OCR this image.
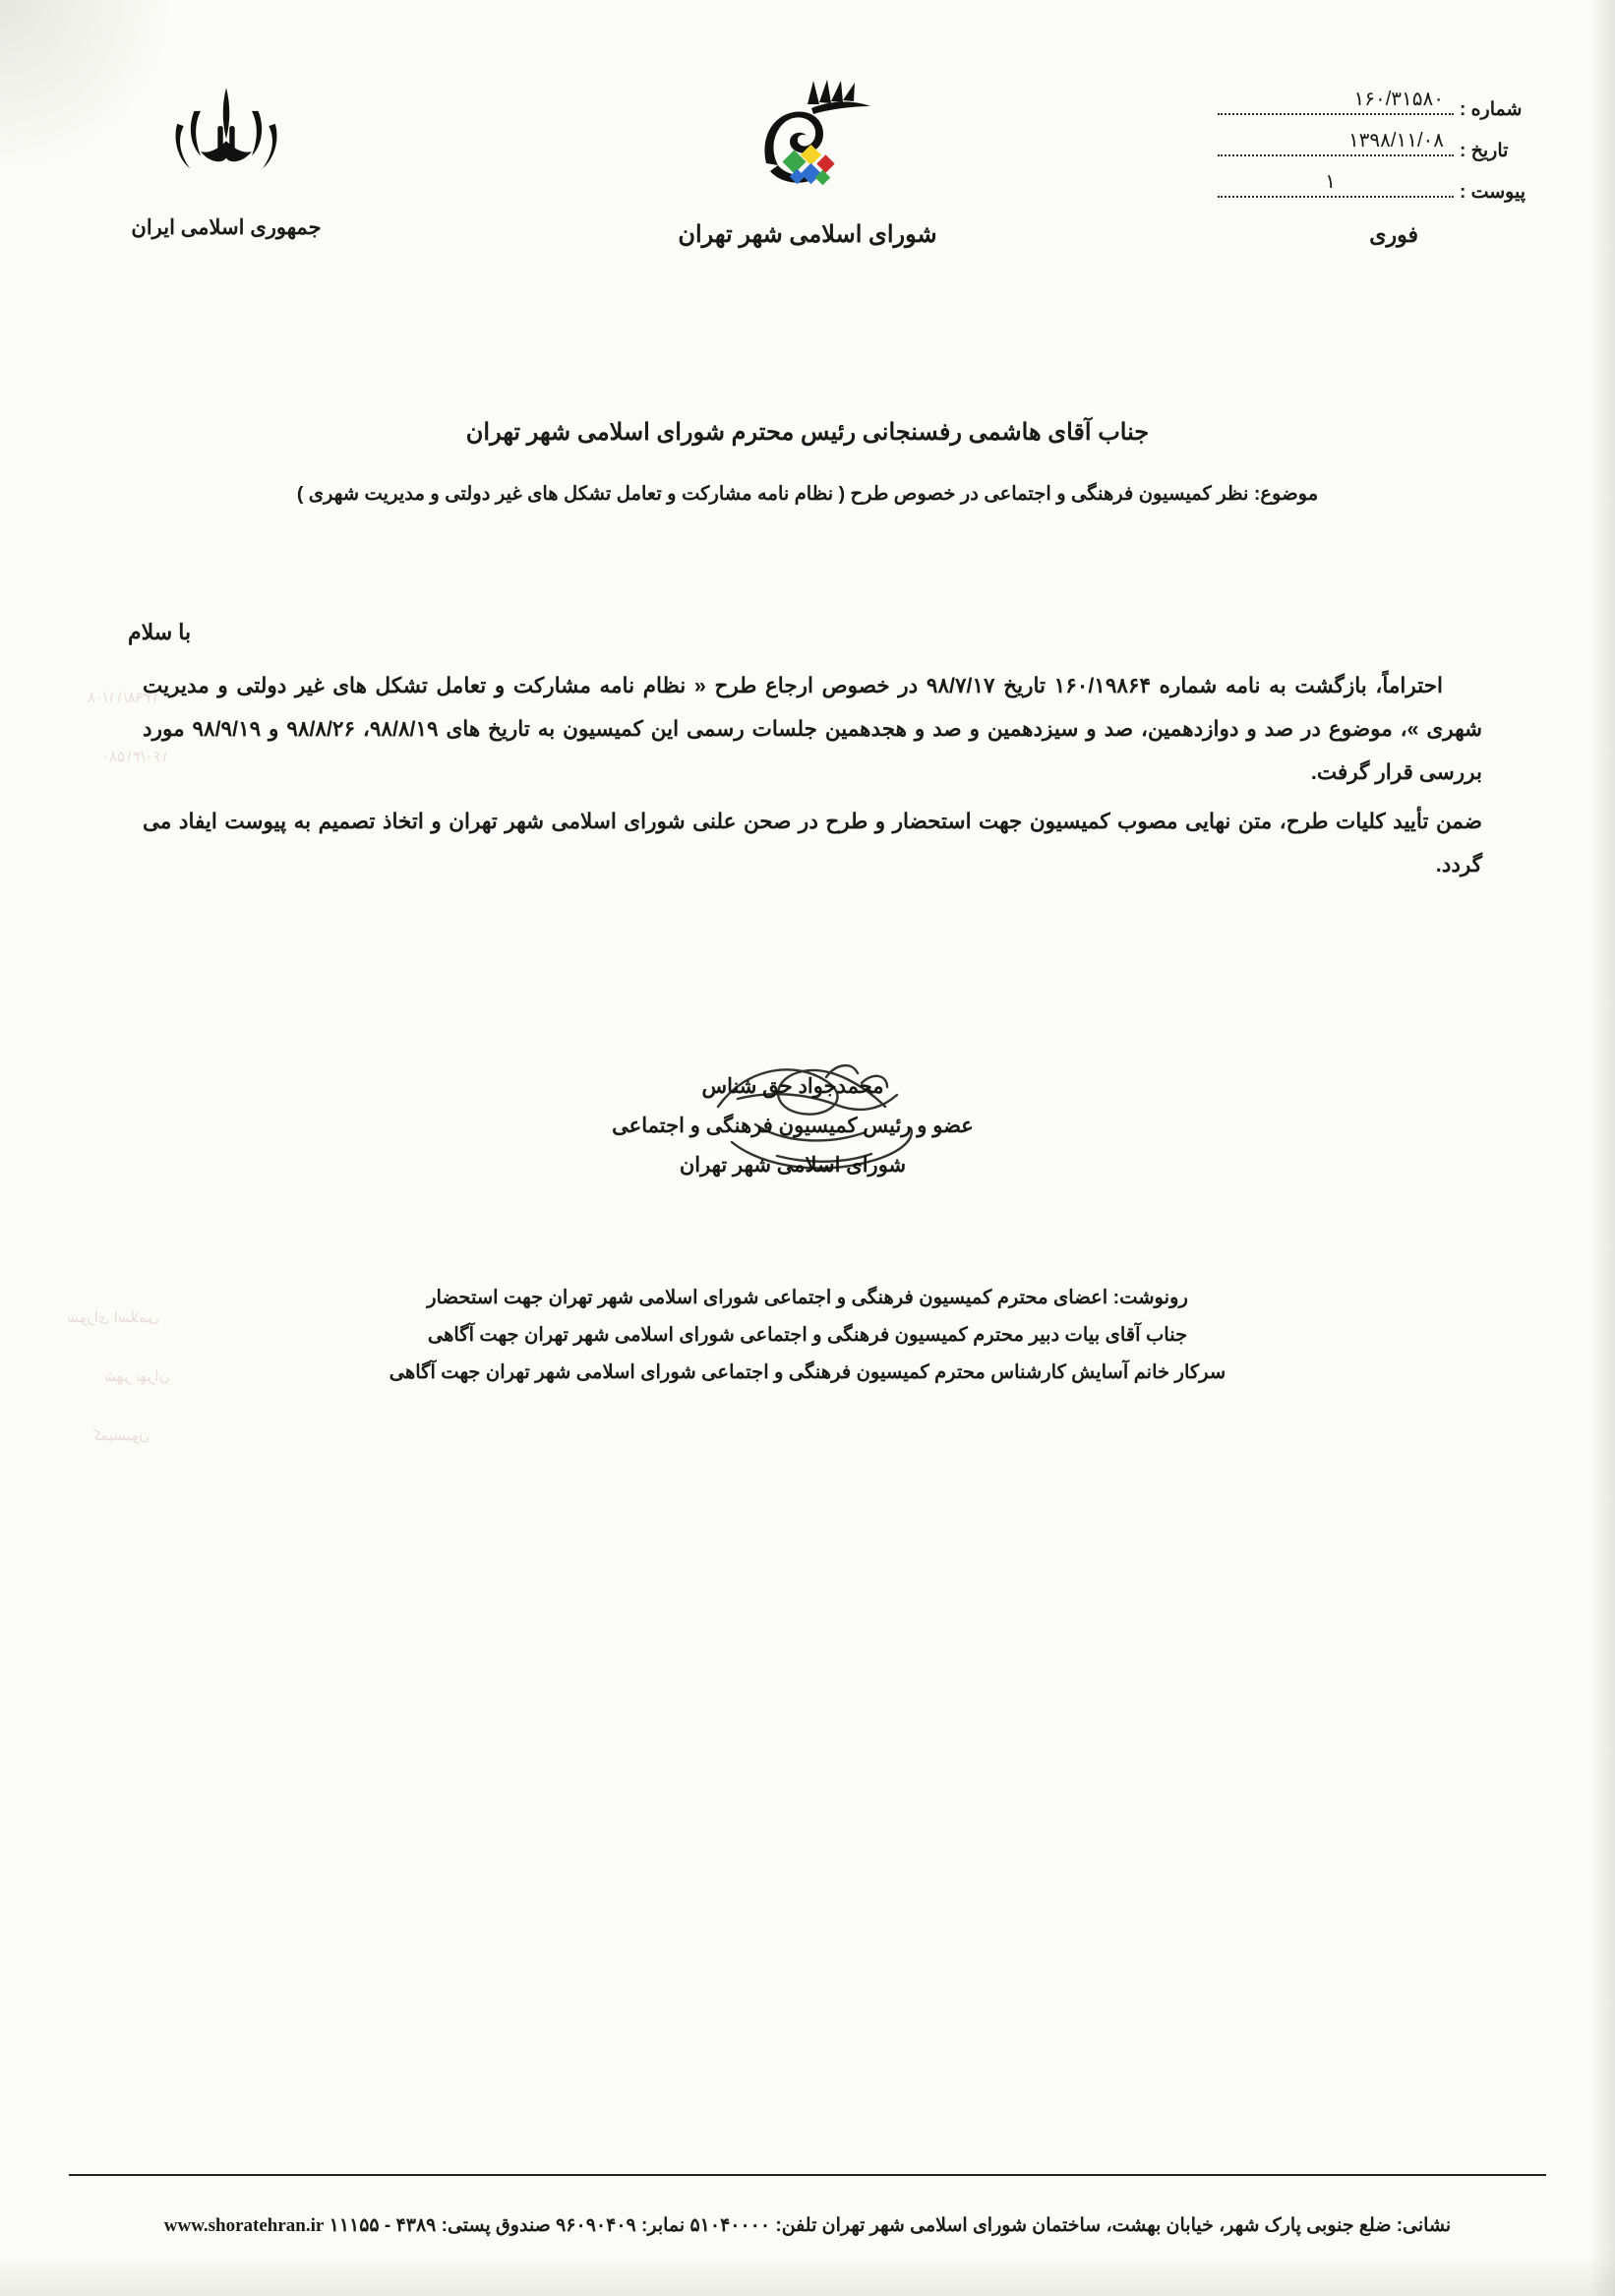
۱۳۹۸/۱۱/۰۸
۱۶۰/۳۱۵۸۰
شورای اسلامی
شهر تهران
کمیسیون
شماره :
۱۶۰/۳۱۵۸۰
تاریخ :
۱۳۹۸/۱۱/۰۸
پیوست :
۱
فوری
شورای اسلامی شهر تهران
جمهوری اسلامی ایران
جناب آقای هاشمی رفسنجانی رئیس محترم شورای اسلامی شهر تهران
موضوع: نظر کمیسیون فرهنگی و اجتماعی در خصوص طرح ( نظام نامه مشارکت و تعامل تشکل های غیر دولتی و مدیریت شهری )
با سلام

احتراماً، بازگشت به نامه شماره ۱۶۰/۱۹۸۶۴ تاریخ ۹۸/۷/۱۷ در خصوص ارجاع طرح « نظام نامه مشارکت و تعامل تشکل های غیر دولتی و مدیریت شهری »، موضوع در صد و دوازدهمین، صد و سیزدهمین و صد و هجدهمین جلسات رسمی این کمیسیون به تاریخ های ۹۸/۸/۱۹، ۹۸/۸/۲۶ و ۹۸/۹/۱۹ مورد بررسی قرار گرفت.

ضمن تأیید کلیات طرح، متن نهایی مصوب کمیسیون جهت استحضار و طرح در صحن علنی شورای اسلامی شهر تهران و اتخاذ تصمیم به پیوست ایفاد می گردد.

محمدجواد حق شناس
عضو و رئیس کمیسیون فرهنگی و اجتماعی
شورای اسلامی شهر تهران
رونوشت: اعضای محترم کمیسیون فرهنگی و اجتماعی شورای اسلامی شهر تهران جهت استحضار
جناب آقای بیات دبیر محترم کمیسیون فرهنگی و اجتماعی شورای اسلامی شهر تهران جهت آگاهی
سرکار خانم آسایش کارشناس محترم کمیسیون فرهنگی و اجتماعی شورای اسلامی شهر تهران جهت آگاهی
نشانی: ضلع جنوبی پارک شهر، خیابان بهشت، ساختمان شورای اسلامی شهر تهران تلفن: ۵۱۰۴۰۰۰۰ نمابر: ۹۶۰۹۰۴۰۹ صندوق پستی: ۴۳۸۹ - ۱۱۱۵۵ www.shoratehran.ir
